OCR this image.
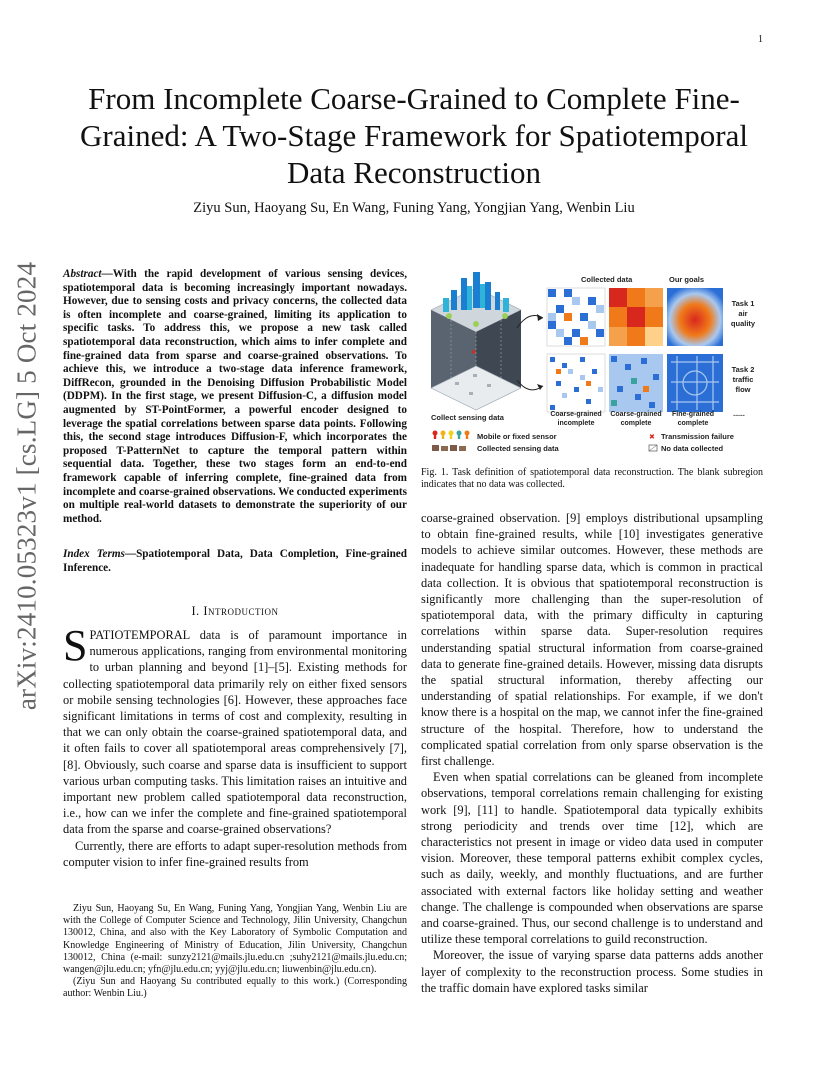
1
arXiv:2410.05323v1 [cs.LG] 5 Oct 2024
From Incomplete Coarse-Grained to Complete Fine-Grained: A Two-Stage Framework for Spatiotemporal Data Reconstruction
Ziyu Sun, Haoyang Su, En Wang, Funing Yang, Yongjian Yang, Wenbin Liu
Abstract—With the rapid development of various sensing devices, spatiotemporal data is becoming increasingly important nowadays. However, due to sensing costs and privacy concerns, the collected data is often incomplete and coarse-grained, limiting its application to specific tasks. To address this, we propose a new task called spatiotemporal data reconstruction, which aims to infer complete and fine-grained data from sparse and coarse-grained observations. To achieve this, we introduce a two-stage data inference framework, DiffRecon, grounded in the Denoising Diffusion Probabilistic Model (DDPM). In the first stage, we present Diffusion-C, a diffusion model augmented by ST-PointFormer, a powerful encoder designed to leverage the spatial correlations between sparse data points. Following this, the second stage introduces Diffusion-F, which incorporates the proposed T-PatternNet to capture the temporal pattern within sequential data. Together, these two stages form an end-to-end framework capable of inferring complete, fine-grained data from incomplete and coarse-grained observations. We conducted experiments on multiple real-world datasets to demonstrate the superiority of our method.
Index Terms—Spatiotemporal Data, Data Completion, Fine-grained Inference.
I. Introduction

SPATIOTEMPORAL data is of paramount importance in numerous applications, ranging from environmental monitoring to urban planning and beyond [1]–[5]. Existing methods for collecting spatiotemporal data primarily rely on either fixed sensors or mobile sensing technologies [6]. However, these approaches face significant limitations in terms of cost and complexity, resulting in that we can only obtain the coarse-grained spatiotemporal data, and it often fails to cover all spatiotemporal areas comprehensively [7], [8]. Obviously, such coarse and sparse data is insufficient to support various urban computing tasks. This limitation raises an intuitive and important new problem called spatiotemporal data reconstruction, i.e., how can we infer the complete and fine-grained spatiotemporal data from the sparse and coarse-grained observations?

Currently, there are efforts to adapt super-resolution methods from computer vision to infer fine-grained results from

Ziyu Sun, Haoyang Su, En Wang, Funing Yang, Yongjian Yang, Wenbin Liu are with the College of Computer Science and Technology, Jilin University, Changchun 130012, China, and also with the Key Laboratory of Symbolic Computation and Knowledge Engineering of Ministry of Education, Jilin University, Changchun 130012, China (e-mail: sunzy2121@mails.jlu.edu.cn ;suhy2121@mails.jlu.edu.cn; wangen@jlu.edu.cn; yfn@jlu.edu.cn; yyj@jlu.edu.cn; liuwenbin@jlu.edu.cn).

(Ziyu Sun and Haoyang Su contributed equally to this work.) (Corresponding author: Wenbin Liu.)

✖
Collected data	Our goals
Task 1
air
quality
Task 2
traffic
flow
Collect sensing data	Coarse-grained
incomplete
Coarse-grained
complete
Fine-grained
complete
......
Mobile or fixed sensor	✖ Transmission failure
Collected sensing data	No data collected
Fig. 1. Task definition of spatiotemporal data reconstruction. The blank subregion indicates that no data was collected.

coarse-grained observation. [9] employs distributional upsampling to obtain fine-grained results, while [10] investigates generative models to achieve similar outcomes. However, these methods are inadequate for handling sparse data, which is common in practical data collection. It is obvious that spatiotemporal reconstruction is significantly more challenging than the super-resolution of spatiotemporal data, with the primary difficulty in capturing correlations within sparse data. Super-resolution requires understanding spatial structural information from coarse-grained data to generate fine-grained details. However, missing data disrupts the spatial structural information, thereby affecting our understanding of spatial relationships. For example, if we don't know there is a hospital on the map, we cannot infer the fine-grained structure of the hospital. Therefore, how to understand the complicated spatial correlation from only sparse observation is the first challenge.

Even when spatial correlations can be gleaned from incomplete observations, temporal correlations remain challenging for existing work [9], [11] to handle. Spatiotemporal data typically exhibits strong periodicity and trends over time [12], which are characteristics not present in image or video data used in computer vision. Moreover, these temporal patterns exhibit complex cycles, such as daily, weekly, and monthly fluctuations, and are further associated with external factors like holiday setting and weather change. The challenge is compounded when observations are sparse and coarse-grained. Thus, our second challenge is to understand and utilize these temporal correlations to guild reconstruction.

Moreover, the issue of varying sparse data patterns adds another layer of complexity to the reconstruction process. Some studies in the traffic domain have explored tasks similar
